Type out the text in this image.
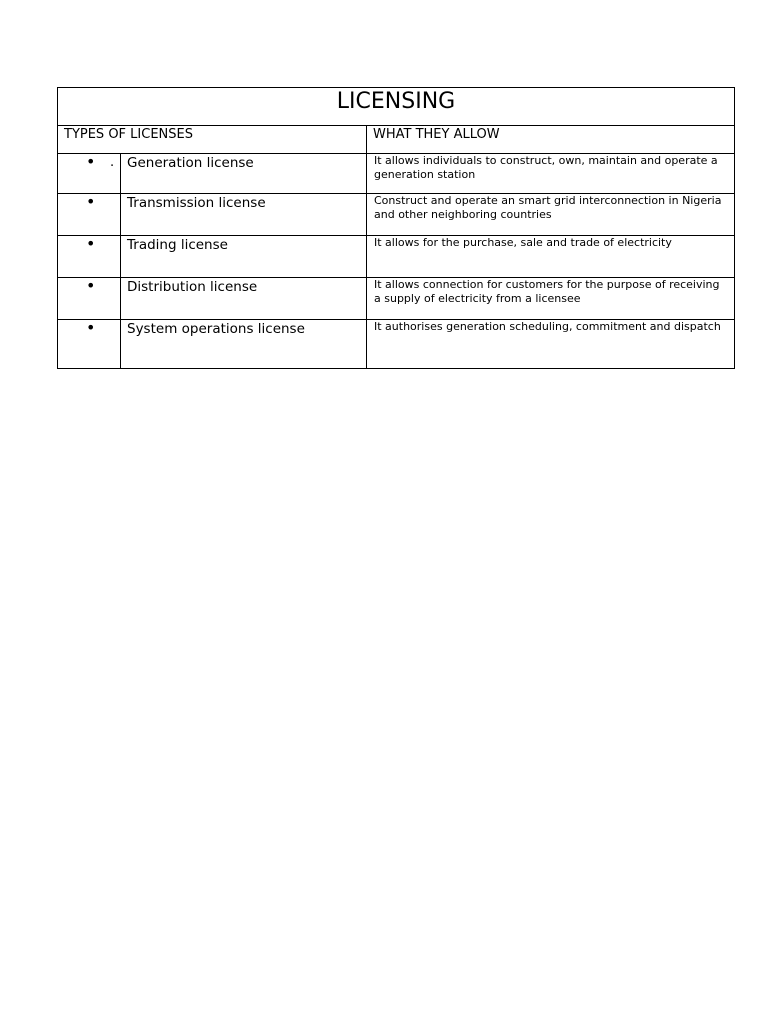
LICENSING		
TYPES OF LICENSES		WHAT THEY ALLOW

• .	Generation license	It allows individuals to construct, own, maintain and operate a generation station

•	Transmission license	Construct and operate an smart grid interconnection in Nigeria and other neighboring countries

•	Trading license	It allows for the purchase, sale and trade of electricity

•	Distribution license	It allows connection for customers for the purpose of receiving a supply of electricity from a licensee

•	System operations license	It authorises generation scheduling, commitment and dispatch
